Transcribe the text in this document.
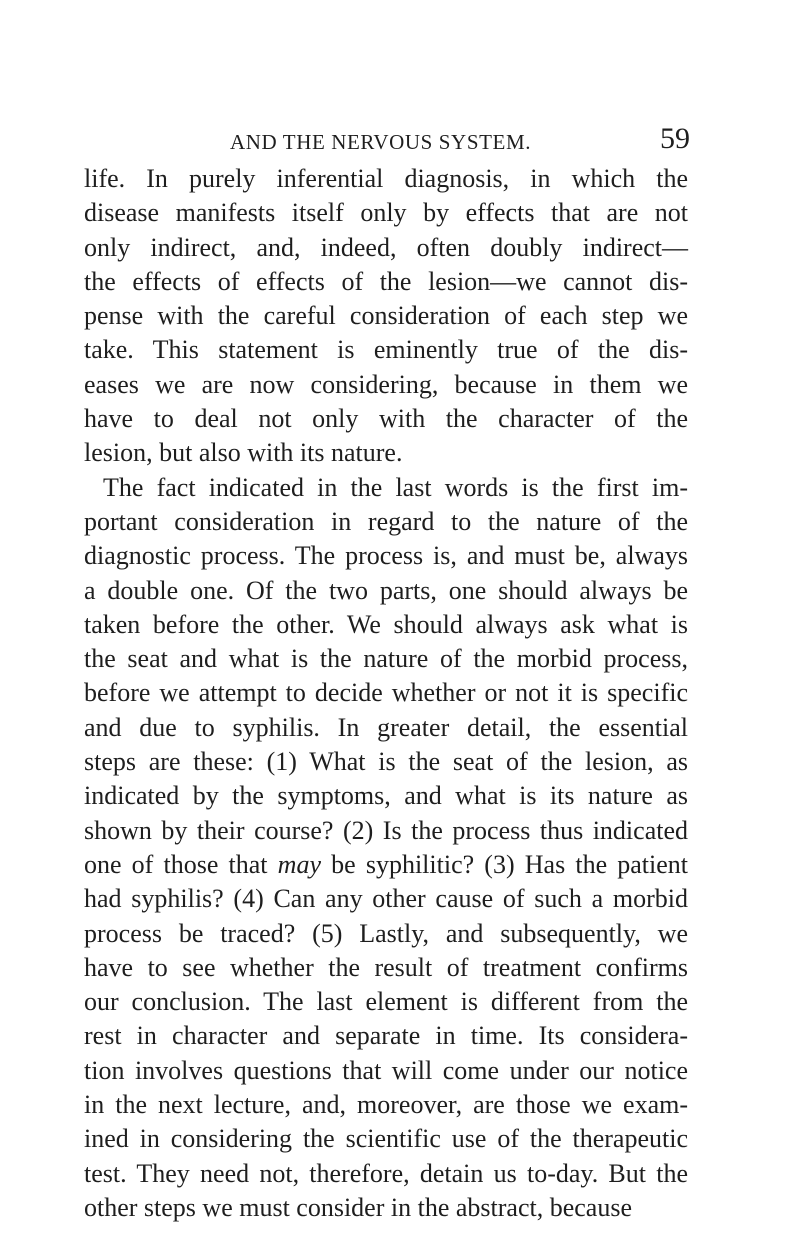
AND THE NERVOUS SYSTEM.	59
life. In purely inferential diagnosis, in which the
disease manifests itself only by effects that are not
only indirect, and, indeed, often doubly indirect—
the effects of effects of the lesion—we cannot dis-
pense with the careful consideration of each step we
take. This statement is eminently true of the dis-
eases we are now considering, because in them we
have to deal not only with the character of the
lesion, but also with its nature.
The fact indicated in the last words is the first im-
portant consideration in regard to the nature of the
diagnostic process. The process is, and must be, always
a double one. Of the two parts, one should always be
taken before the other. We should always ask what is
the seat and what is the nature of the morbid process,
before we attempt to decide whether or not it is specific
and due to syphilis. In greater detail, the essential
steps are these: (1) What is the seat of the lesion, as
indicated by the symptoms, and what is its nature as
shown by their course? (2) Is the process thus indicated
one of those that may be syphilitic? (3) Has the patient
had syphilis? (4) Can any other cause of such a morbid
process be traced? (5) Lastly, and subsequently, we
have to see whether the result of treatment confirms
our conclusion. The last element is different from the
rest in character and separate in time. Its considera-
tion involves questions that will come under our notice
in the next lecture, and, moreover, are those we exam-
ined in considering the scientific use of the therapeutic
test. They need not, therefore, detain us to-day. But the
other steps we must consider in the abstract, because
